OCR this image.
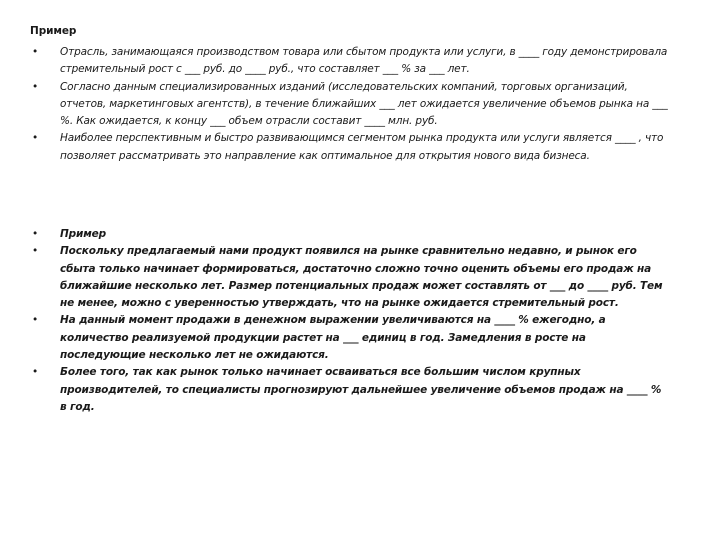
Пример
• Отрасль, занимающаяся производством товара или сбытом продукта или услуги, в ____ году демонстрировала стремительный рост с ___ руб. до ____ руб., что составляет ___ % за ___ лет.
• Согласно данным специализированных изданий (исследовательских компаний, торговых организаций, отчетов, маркетинговых агентств), в течение ближайших ___ лет ожидается увеличение объемов рынка на ___ %. Как ожидается, к концу ___ объем отрасли составит ____ млн. руб.
• Наиболее перспективным и быстро развивающимся сегментом рынка продукта или услуги является ____ , что позволяет рассматривать это направление как оптимальное для открытия нового вида бизнеса.
• Пример
• Поскольку предлагаемый нами продукт появился на рынке сравнительно недавно, и рынок его сбыта только начинает формироваться, достаточно сложно точно оценить объемы его продаж на ближайшие несколько лет. Размер потенциальных продаж может составлять от ___ до ____ руб. Тем не менее, можно с уверенностью утверждать, что на рынке ожидается стремительный рост.
• На данный момент продажи в денежном выражении увеличиваются на ____ % ежегодно, а количество реализуемой продукции растет на ___ единиц в год. Замедления в росте на последующие несколько лет не ожидаются.
• Более того, так как рынок только начинает осваиваться все большим числом крупных производителей, то специалисты прогнозируют дальнейшее увеличение объемов продаж на ____ % в год.
